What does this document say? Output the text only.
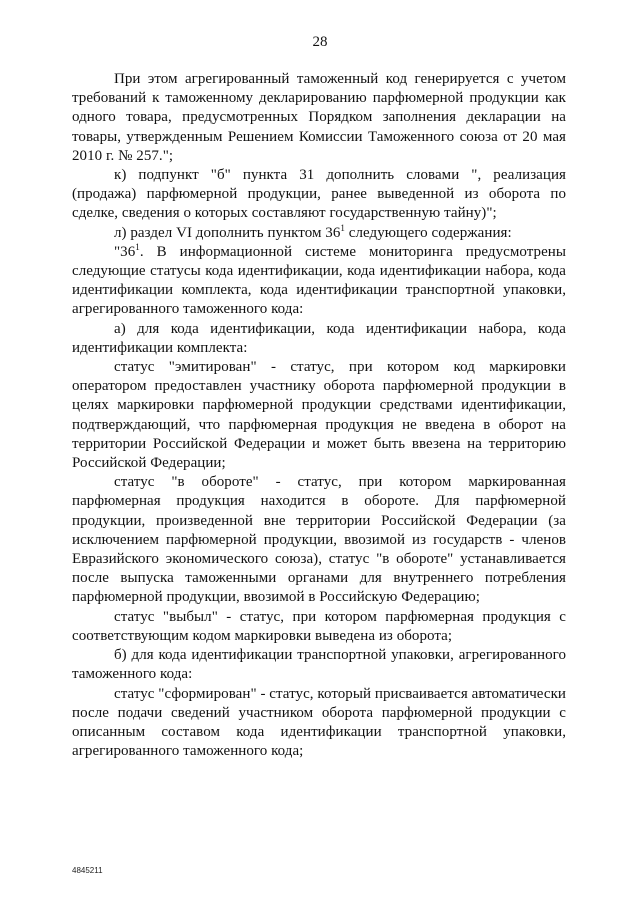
28

При этом агрегированный таможенный код генерируется с учетом требований к таможенному декларированию парфюмерной продукции как одного товара, предусмотренных Порядком заполнения декларации на товары, утвержденным Решением Комиссии Таможенного союза от 20 мая 2010 г. № 257.";

к) подпункт "б" пункта 31 дополнить словами ", реализация (продажа) парфюмерной продукции, ранее выведенной из оборота по сделке, сведения о которых составляют государственную тайну)";

л) раздел VI дополнить пунктом $36^1$ следующего содержания:

"$36^1$. В информационной системе мониторинга предусмотрены следующие статусы кода идентификации, кода идентификации набора, кода идентификации комплекта, кода идентификации транспортной упаковки, агрегированного таможенного кода:

а) для кода идентификации, кода идентификации набора, кода идентификации комплекта:

статус "эмитирован" - статус, при котором код маркировки оператором предоставлен участнику оборота парфюмерной продукции в целях маркировки парфюмерной продукции средствами идентификации, подтверждающий, что парфюмерная продукция не введена в оборот на территории Российской Федерации и может быть ввезена на территорию Российской Федерации;

статус "в обороте" - статус, при котором маркированная парфюмерная продукция находится в обороте. Для парфюмерной продукции, произведенной вне территории Российской Федерации (за исключением парфюмерной продукции, ввозимой из государств - членов Евразийского экономического союза), статус "в обороте" устанавливается после выпуска таможенными органами для внутреннего потребления парфюмерной продукции, ввозимой в Российскую Федерацию;

статус "выбыл" - статус, при котором парфюмерная продукция с соответствующим кодом маркировки выведена из оборота;

б) для кода идентификации транспортной упаковки, агрегированного таможенного кода:

статус "сформирован" - статус, который присваивается автоматически после подачи сведений участником оборота парфюмерной продукции с описанным составом кода идентификации транспортной упаковки, агрегированного таможенного кода;

4845211
